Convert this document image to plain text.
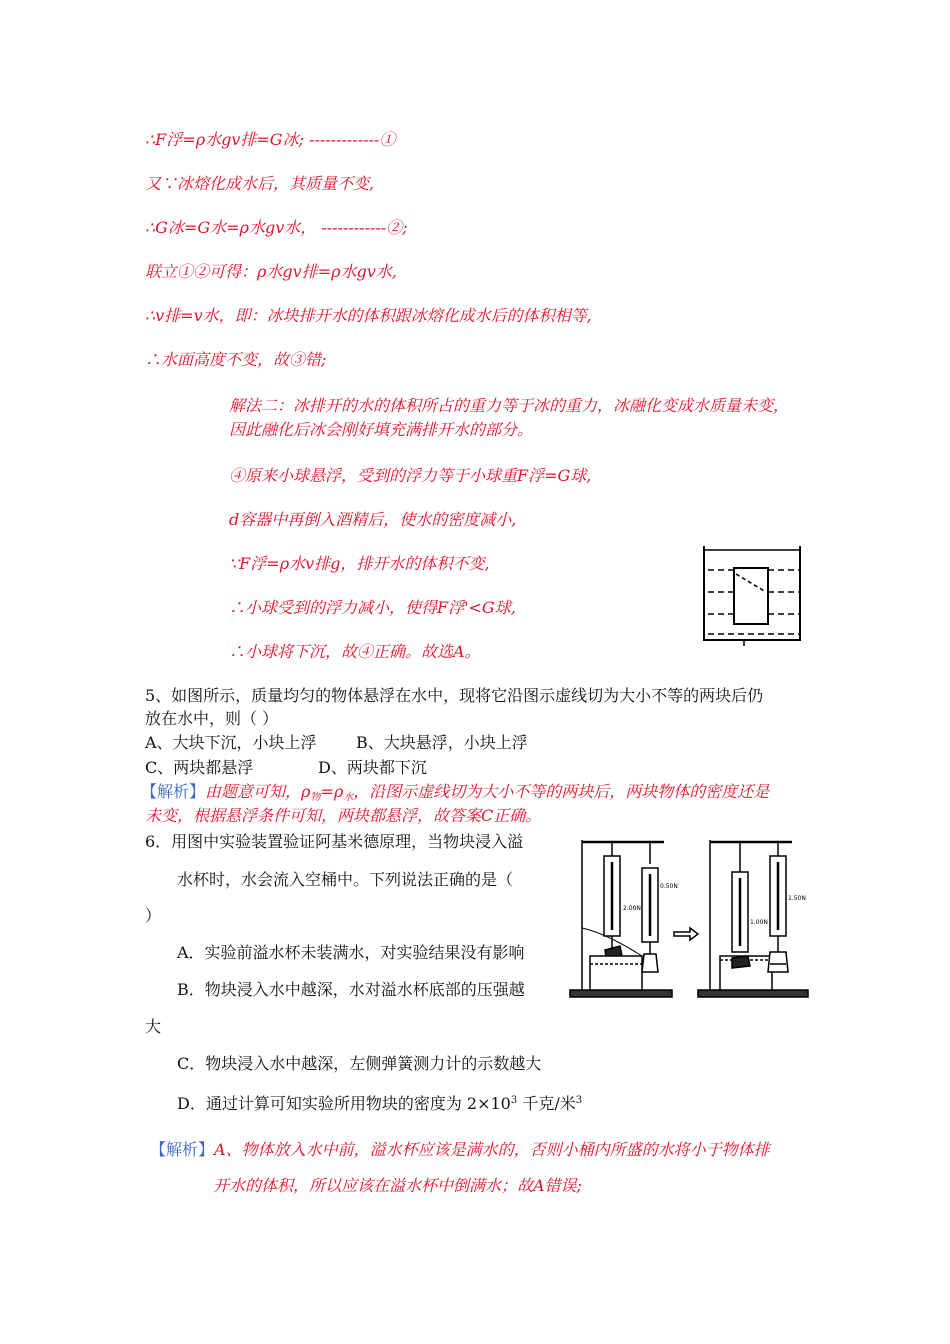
∴F浮=ρ水gv排=G冰; -------------①
又∵冰熔化成水后，其质量不变,
∴G冰=G水=ρ水gv水， ------------②;
联立①②可得：ρ水gv排=ρ水gv水,
∴v排=v水，即：冰块排开水的体积跟冰熔化成水后的体积相等,
∴水面高度不变，故③错;
解法二：冰排开的水的体积所占的重力等于冰的重力，冰融化变成水质量未变，
因此融化后冰会刚好填充满排开水的部分。
④原来小球悬浮，受到的浮力等于小球重F浮=G球,
d容器中再倒入酒精后，使水的密度减小,
∵F浮=ρ水v排g，排开水的体积不变,
∴小球受到的浮力减小，使得F浮'<G球,
∴小球将下沉，故④正确。故选A。
5、如图所示，质量均匀的物体悬浮在水中，现将它沿图示虚线切为大小不等的两块后仍
放在水中，则（ ）
A、大块下沉，小块上浮 B、大块悬浮，小块上浮
C、两块都悬浮	D、两块都下沉
【解析】由题意可知，$\rho_物=\rho_水$，沿图示虚线切为大小不等的两块后，两块物体的密度还是
未变，根据悬浮条件可知，两块都悬浮，故答案C正确。
6．用图中实验装置验证阿基米德原理，当物块浸入溢
水杯时，水会流入空桶中。下列说法正确的是（
）
A．实验前溢水杯未装满水，对实验结果没有影响
B．物块浸入水中越深，水对溢水杯底部的压强越
大
C．物块浸入水中越深，左侧弹簧测力计的示数越大
D．通过计算可知实验所用物块的密度为 $2\times 10^3$ 千克/米$^3$
【解析】A、物体放入水中前，溢水杯应该是满水的，否则小桶内所盛的水将小于物体排
开水的体积，所以应该在溢水杯中倒满水；故A错误;
2.00N
0.50N
1.00N
1.50N
